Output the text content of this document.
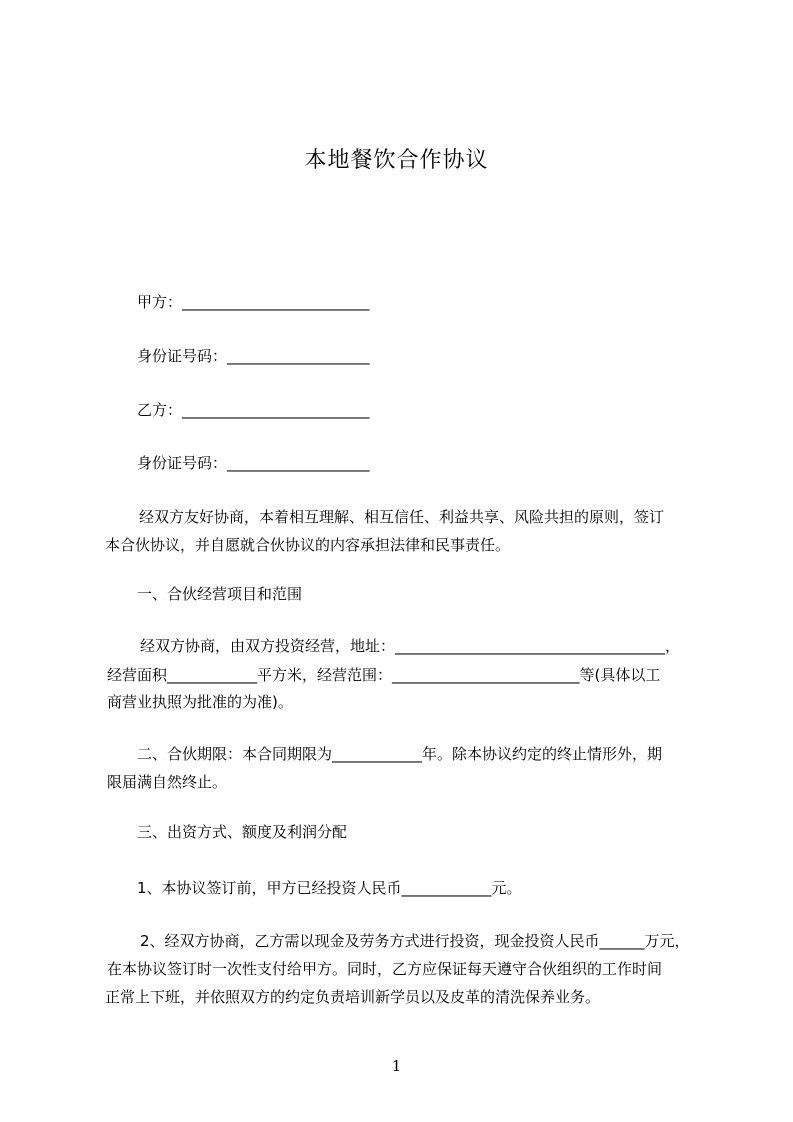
本地餐饮合作协议

甲方：_________________________

身份证号码：___________________

乙方：_________________________

身份证号码：___________________

经双方友好协商，本着相互理解、相互信任、利益共享、风险共担的原则，签订

本合伙协议，并自愿就合伙协议的内容承担法律和民事责任。

一、合伙经营项目和范围

经双方协商，由双方投资经营，地址：____________________________________，

经营面积____________平方米，经营范围：_________________________等(具体以工

商营业执照为批准的为准)。

二、合伙期限：本合同期限为____________年。除本协议约定的终止情形外，期

限届满自然终止。

三、出资方式、额度及利润分配

1、本协议签订前，甲方已经投资人民币____________元。

2、经双方协商，乙方需以现金及劳务方式进行投资，现金投资人民币______万元，

在本协议签订时一次性支付给甲方。同时，乙方应保证每天遵守合伙组织的工作时间

正常上下班，并依照双方的约定负责培训新学员以及皮革的清洗保养业务。

1
